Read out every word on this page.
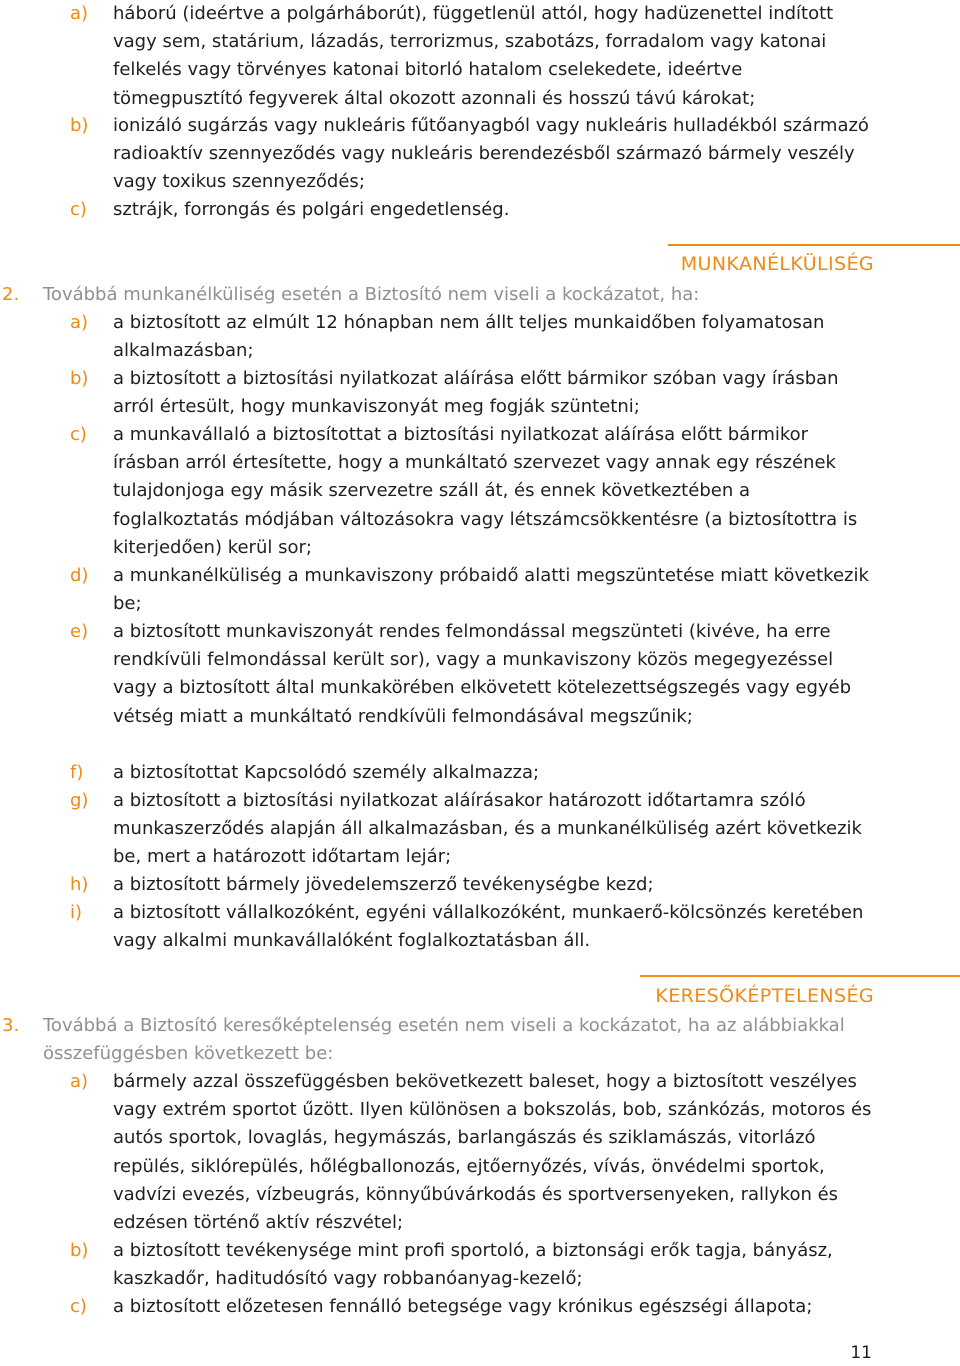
a) háború (ideértve a polgárháborút), függetlenül attól, hogy hadüzenettel indított vagy sem, statárium, lázadás, terrorizmus, szabotázs, forradalom vagy katonai felkelés vagy törvényes katonai bitorló hatalom cselekedete, ideértve tömegpusztító fegyverek által okozott azonnali és hosszú távú károkat;
b) ionizáló sugárzás vagy nukleáris fűtőanyagból vagy nukleáris hulladékból származó radioaktív szennyeződés vagy nukleáris berendezésből származó bármely veszély vagy toxikus szennyeződés;
c) sztrájk, forrongás és polgári engedetlenség.
MUNKANÉLKÜLISÉG
2. Továbbá munkanélküliség esetén a Biztosító nem viseli a kockázatot, ha:
a) a biztosított az elmúlt 12 hónapban nem állt teljes munkaidőben folyamatosan alkalmazásban;
b) a biztosított a biztosítási nyilatkozat aláírása előtt bármikor szóban vagy írásban arról értesült, hogy munkaviszonyát meg fogják szüntetni;
c) a munkavállaló a biztosítottat a biztosítási nyilatkozat aláírása előtt bármikor írásban arról értesítette, hogy a munkáltató szervezet vagy annak egy részének tulajdonjoga egy másik szervezetre száll át, és ennek következtében a foglalkoztatás módjában változásokra vagy létszámcsökkentésre (a biztosítottra is kiterjedően) kerül sor;
d) a munkanélküliség a munkaviszony próbaidő alatti megszüntetése miatt következik be;
e) a biztosított munkaviszonyát rendes felmondással megszünteti (kivéve, ha erre rendkívüli felmondással került sor), vagy a munkaviszony közös megegyezéssel vagy a biztosított által munkakörében elkövetett kötelezettségszegés vagy egyéb vétség miatt a munkáltató rendkívüli felmondásával megszűnik;
f) a biztosítottat Kapcsolódó személy alkalmazza;
g) a biztosított a biztosítási nyilatkozat aláírásakor határozott időtartamra szóló munkaszerződés alapján áll alkalmazásban, és a munkanélküliség azért következik be, mert a határozott időtartam lejár;
h) a biztosított bármely jövedelemszerző tevékenységbe kezd;
i) a biztosított vállalkozóként, egyéni vállalkozóként, munkaerő-kölcsönzés keretében vagy alkalmi munkavállalóként foglalkoztatásban áll.
KERESŐKÉPTELENSÉG
3. Továbbá a Biztosító keresőképtelenség esetén nem viseli a kockázatot, ha az alábbiakkal összefüggésben következett be:
a) bármely azzal összefüggésben bekövetkezett baleset, hogy a biztosított veszélyes vagy extrém sportot űzött. Ilyen különösen a bokszolás, bob, szánkózás, motoros és autós sportok, lovaglás, hegymászás, barlangászás és sziklamászás, vitorlázó repülés, siklórepülés, hőlégballonozás, ejtőernyőzés, vívás, önvédelmi sportok, vadvízi evezés, vízbeugrás, könnyűbúvárkodás és sportversenyeken, rallykon és edzésen történő aktív részvétel;
b) a biztosított tevékenysége mint profi sportoló, a biztonsági erők tagja, bányász, kaszkadőr, haditudósító vagy robbanóanyag-kezelő;
c) a biztosított előzetesen fennálló betegsége vagy krónikus egészségi állapota;
11
